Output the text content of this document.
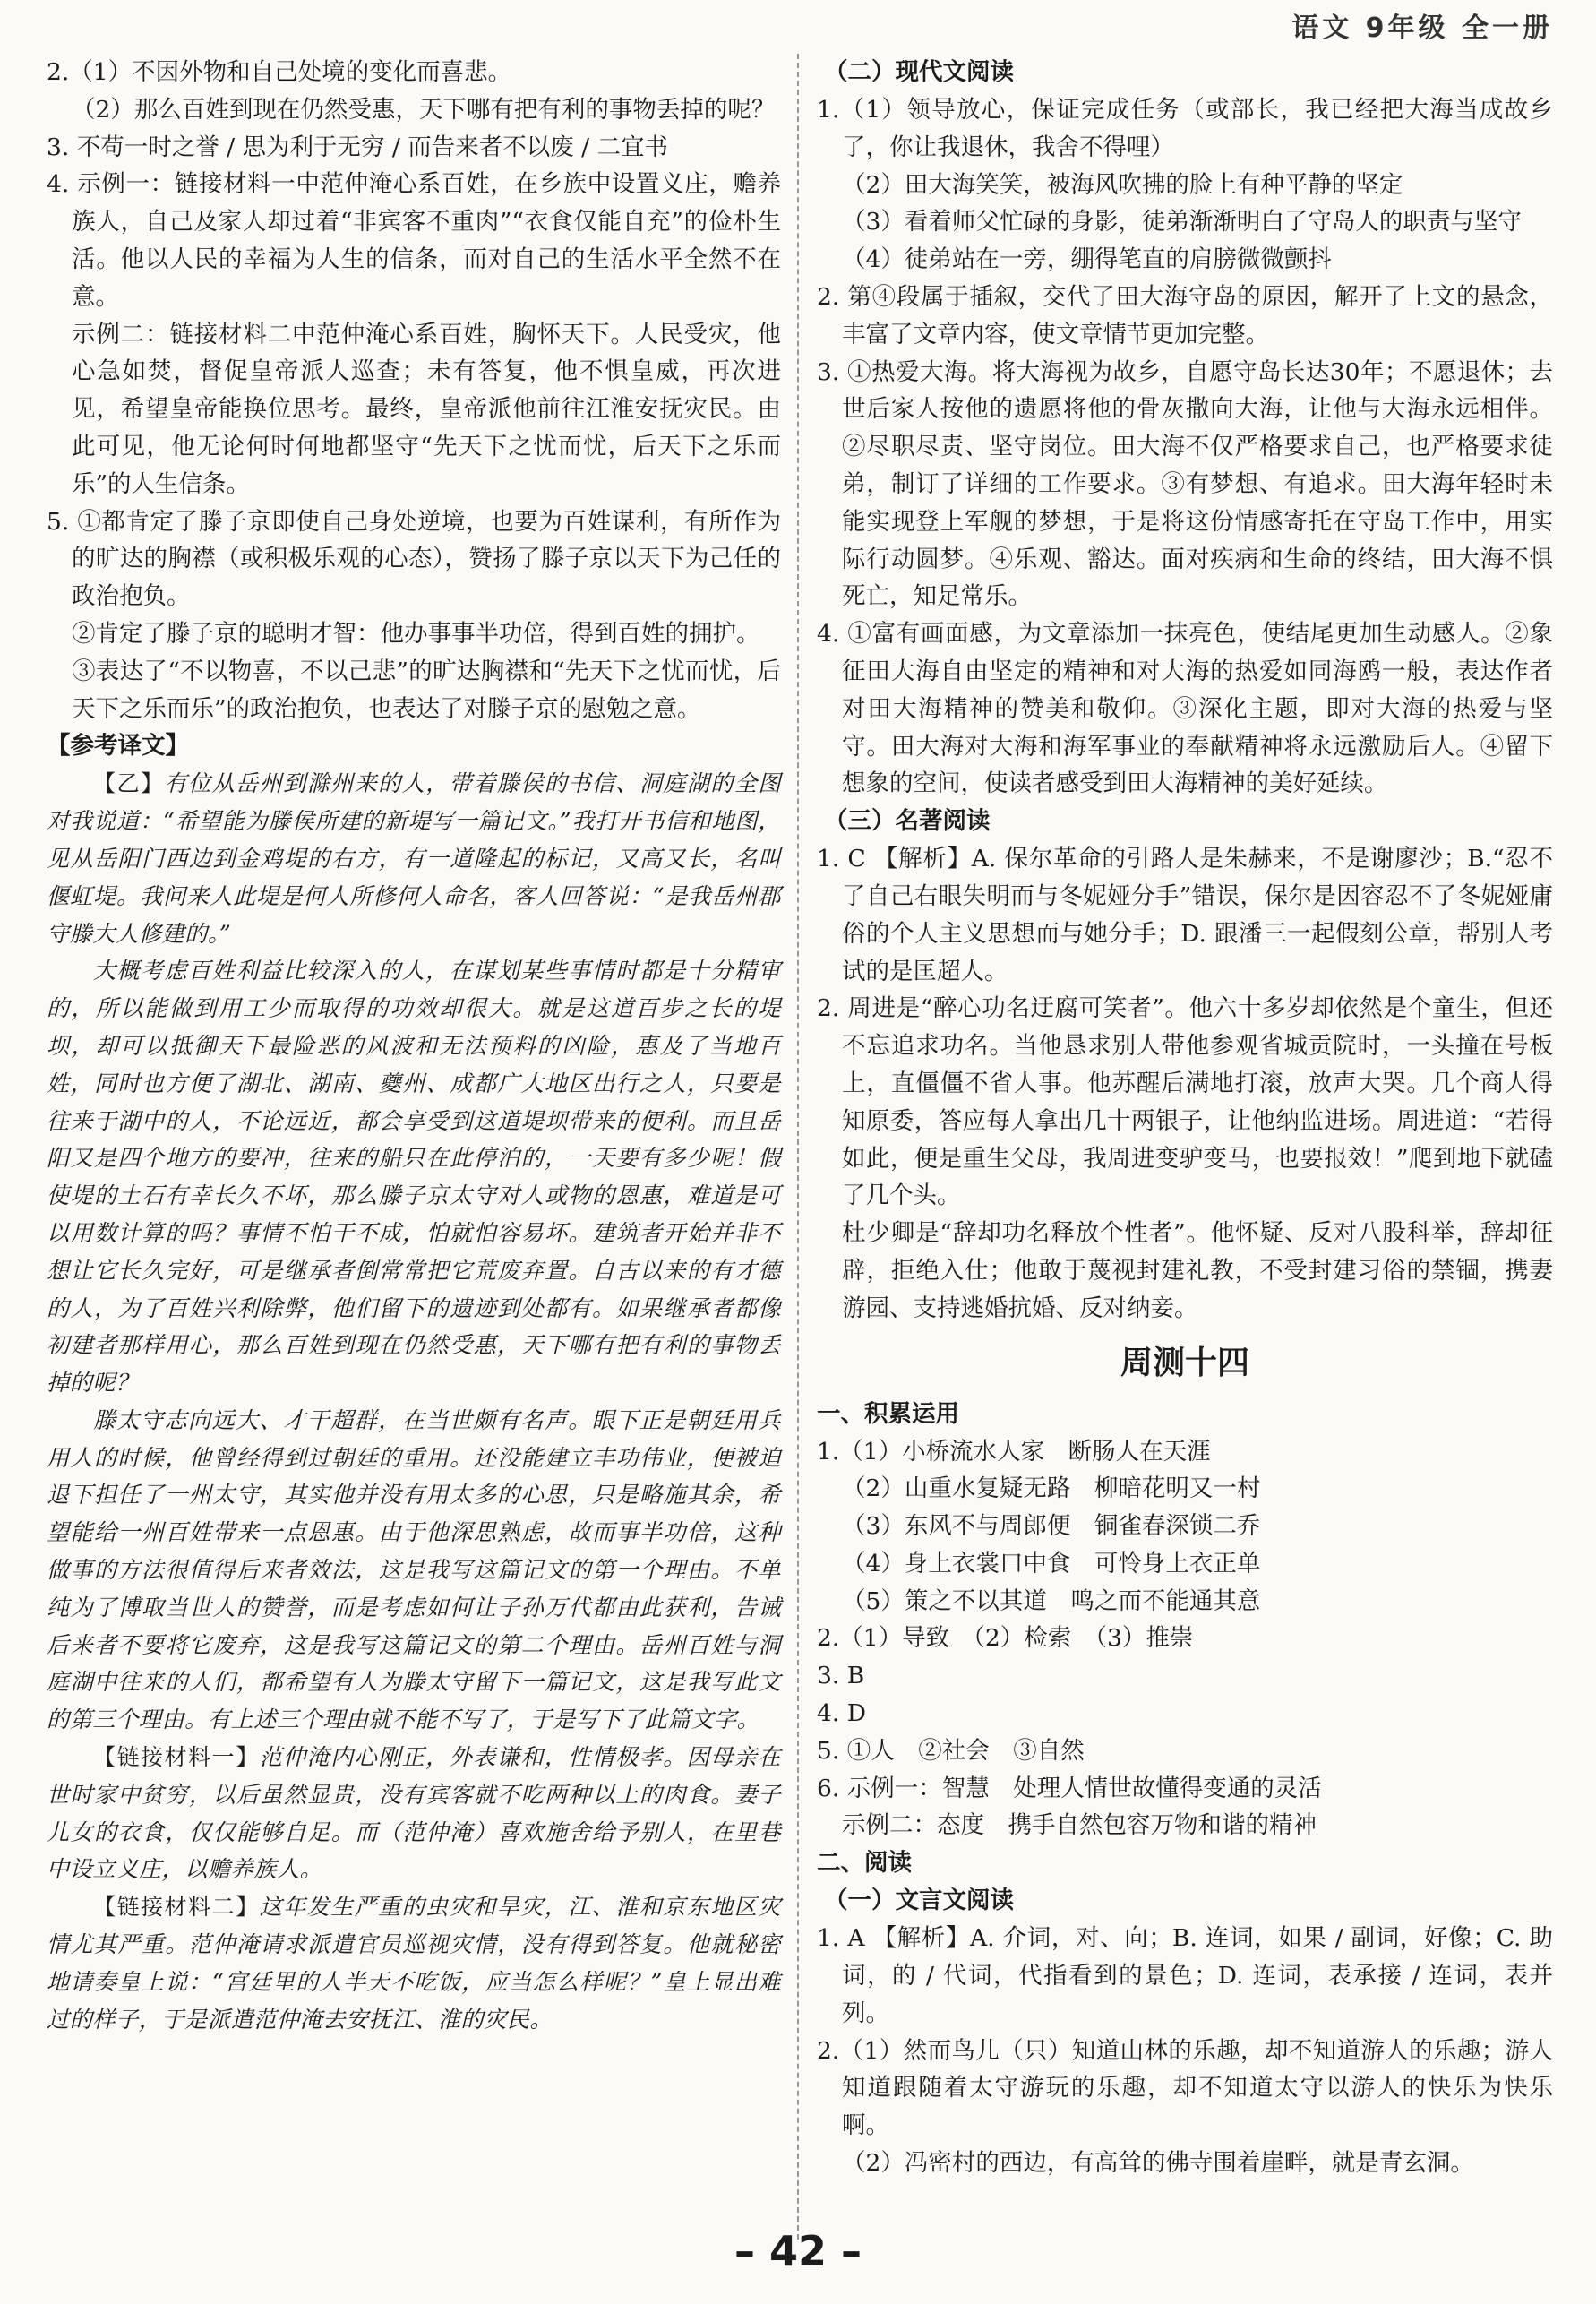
语文 9年级 全一册

2.（1）不因外物和自己处境的变化而喜悲。

（2）那么百姓到现在仍然受惠，天下哪有把有利的事物丢掉的呢？

3. 不苟一时之誉 / 思为利于无穷 / 而告来者不以废 / 二宜书

4. 示例一：链接材料一中范仲淹心系百姓，在乡族中设置义庄，赡养族人，自己及家人却过着“非宾客不重肉”“衣食仅能自充”的俭朴生活。他以人民的幸福为人生的信条，而对自己的生活水平全然不在意。

示例二：链接材料二中范仲淹心系百姓，胸怀天下。人民受灾，他心急如焚，督促皇帝派人巡查；未有答复，他不惧皇威，再次进见，希望皇帝能换位思考。最终，皇帝派他前往江淮安抚灾民。由此可见，他无论何时何地都坚守“先天下之忧而忧，后天下之乐而乐”的人生信条。

5. ①都肯定了滕子京即使自己身处逆境，也要为百姓谋利，有所作为的旷达的胸襟（或积极乐观的心态），赞扬了滕子京以天下为己任的政治抱负。

②肯定了滕子京的聪明才智：他办事事半功倍，得到百姓的拥护。

③表达了“不以物喜，不以己悲”的旷达胸襟和“先天下之忧而忧，后天下之乐而乐”的政治抱负，也表达了对滕子京的慰勉之意。

【参考译文】

【乙】有位从岳州到滁州来的人，带着滕侯的书信、洞庭湖的全图对我说道：“希望能为滕侯所建的新堤写一篇记文。”我打开书信和地图，见从岳阳门西边到金鸡堤的右方，有一道隆起的标记，又高又长，名叫偃虹堤。我问来人此堤是何人所修何人命名，客人回答说：“是我岳州郡守滕大人修建的。”

大概考虑百姓利益比较深入的人，在谋划某些事情时都是十分精审的，所以能做到用工少而取得的功效却很大。就是这道百步之长的堤坝，却可以抵御天下最险恶的风波和无法预料的凶险，惠及了当地百姓，同时也方便了湖北、湖南、夔州、成都广大地区出行之人，只要是往来于湖中的人，不论远近，都会享受到这道堤坝带来的便利。而且岳阳又是四个地方的要冲，往来的船只在此停泊的，一天要有多少呢！假使堤的土石有幸长久不坏，那么滕子京太守对人或物的恩惠，难道是可以用数计算的吗？事情不怕干不成，怕就怕容易坏。建筑者开始并非不想让它长久完好，可是继承者倒常常把它荒废弃置。自古以来的有才德的人，为了百姓兴利除弊，他们留下的遗迹到处都有。如果继承者都像初建者那样用心，那么百姓到现在仍然受惠，天下哪有把有利的事物丢掉的呢？

滕太守志向远大、才干超群，在当世颇有名声。眼下正是朝廷用兵用人的时候，他曾经得到过朝廷的重用。还没能建立丰功伟业，便被迫退下担任了一州太守，其实他并没有用太多的心思，只是略施其余，希望能给一州百姓带来一点恩惠。由于他深思熟虑，故而事半功倍，这种做事的方法很值得后来者效法，这是我写这篇记文的第一个理由。不单纯为了博取当世人的赞誉，而是考虑如何让子孙万代都由此获利，告诫后来者不要将它废弃，这是我写这篇记文的第二个理由。岳州百姓与洞庭湖中往来的人们，都希望有人为滕太守留下一篇记文，这是我写此文的第三个理由。有上述三个理由就不能不写了，于是写下了此篇文字。

【链接材料一】范仲淹内心刚正，外表谦和，性情极孝。因母亲在世时家中贫穷，以后虽然显贵，没有宾客就不吃两种以上的肉食。妻子儿女的衣食，仅仅能够自足。而（范仲淹）喜欢施舍给予别人，在里巷中设立义庄，以赡养族人。

【链接材料二】这年发生严重的虫灾和旱灾，江、淮和京东地区灾情尤其严重。范仲淹请求派遣官员巡视灾情，没有得到答复。他就秘密地请奏皇上说：“宫廷里的人半天不吃饭，应当怎么样呢？”皇上显出难过的样子，于是派遣范仲淹去安抚江、淮的灾民。

（二）现代文阅读

1.（1）领导放心，保证完成任务（或部长，我已经把大海当成故乡了，你让我退休，我舍不得哩）

（2）田大海笑笑，被海风吹拂的脸上有种平静的坚定

（3）看着师父忙碌的身影，徒弟渐渐明白了守岛人的职责与坚守

（4）徒弟站在一旁，绷得笔直的肩膀微微颤抖

2. 第④段属于插叙，交代了田大海守岛的原因，解开了上文的悬念，丰富了文章内容，使文章情节更加完整。

3. ①热爱大海。将大海视为故乡，自愿守岛长达30年；不愿退休；去世后家人按他的遗愿将他的骨灰撒向大海，让他与大海永远相伴。②尽职尽责、坚守岗位。田大海不仅严格要求自己，也严格要求徒弟，制订了详细的工作要求。③有梦想、有追求。田大海年轻时未能实现登上军舰的梦想，于是将这份情感寄托在守岛工作中，用实际行动圆梦。④乐观、豁达。面对疾病和生命的终结，田大海不惧死亡，知足常乐。

4. ①富有画面感，为文章添加一抹亮色，使结尾更加生动感人。②象征田大海自由坚定的精神和对大海的热爱如同海鸥一般，表达作者对田大海精神的赞美和敬仰。③深化主题，即对大海的热爱与坚守。田大海对大海和海军事业的奉献精神将永远激励后人。④留下想象的空间，使读者感受到田大海精神的美好延续。

（三）名著阅读

1. C 【解析】A. 保尔革命的引路人是朱赫来，不是谢廖沙；B.“忍不了自己右眼失明而与冬妮娅分手”错误，保尔是因容忍不了冬妮娅庸俗的个人主义思想而与她分手；D. 跟潘三一起假刻公章，帮别人考试的是匡超人。

2. 周进是“醉心功名迂腐可笑者”。他六十多岁却依然是个童生，但还不忘追求功名。当他恳求别人带他参观省城贡院时，一头撞在号板上，直僵僵不省人事。他苏醒后满地打滚，放声大哭。几个商人得知原委，答应每人拿出几十两银子，让他纳监进场。周进道：“若得如此，便是重生父母，我周进变驴变马，也要报效！”爬到地下就磕了几个头。

杜少卿是“辞却功名释放个性者”。他怀疑、反对八股科举，辞却征辟，拒绝入仕；他敢于蔑视封建礼教，不受封建习俗的禁锢，携妻游园、支持逃婚抗婚、反对纳妾。

周测十四

一、积累运用

1.（1）小桥流水人家　断肠人在天涯

（2）山重水复疑无路　柳暗花明又一村

（3）东风不与周郎便　铜雀春深锁二乔

（4）身上衣裳口中食　可怜身上衣正单

（5）策之不以其道　鸣之而不能通其意

2.（1）导致　（2）检索　（3）推崇

3. B

4. D

5. ①人　②社会　③自然

6. 示例一：智慧　处理人情世故懂得变通的灵活

示例二：态度　携手自然包容万物和谐的精神

二、阅读

（一）文言文阅读

1. A 【解析】A. 介词，对、向；B. 连词，如果 / 副词，好像；C. 助词，的 / 代词，代指看到的景色；D. 连词，表承接 / 连词，表并列。

2.（1）然而鸟儿（只）知道山林的乐趣，却不知道游人的乐趣；游人知道跟随着太守游玩的乐趣，却不知道太守以游人的快乐为快乐啊。

（2）冯密村的西边，有高耸的佛寺围着崖畔，就是青玄洞。

– 42 –
